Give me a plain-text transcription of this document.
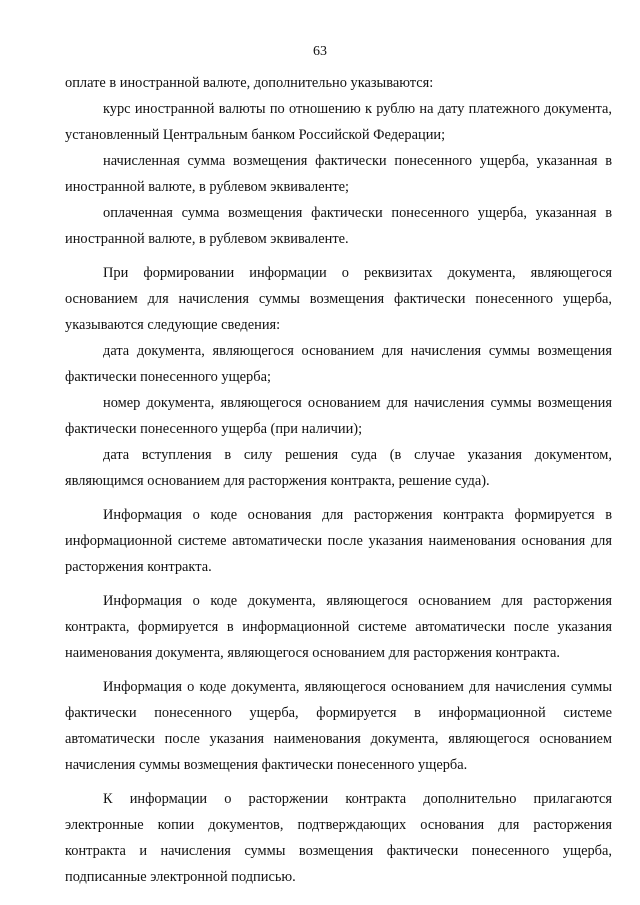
63

оплате в иностранной валюте, дополнительно указываются:

курс иностранной валюты по отношению к рублю на дату платежного документа, установленный Центральным банком Российской Федерации;

начисленная сумма возмещения фактически понесенного ущерба, указанная в иностранной валюте, в рублевом эквиваленте;

оплаченная сумма возмещения фактически понесенного ущерба, указанная в иностранной валюте, в рублевом эквиваленте.

При формировании информации о реквизитах документа, являющегося основанием для начисления суммы возмещения фактически понесенного ущерба, указываются следующие сведения:

дата документа, являющегося основанием для начисления суммы возмещения фактически понесенного ущерба;

номер документа, являющегося основанием для начисления суммы возмещения фактически понесенного ущерба (при наличии);

дата вступления в силу решения суда (в случае указания документом, являющимся основанием для расторжения контракта, решение суда).

Информация о коде основания для расторжения контракта формируется в информационной системе автоматически после указания наименования основания для расторжения контракта.

Информация о коде документа, являющегося основанием для расторжения контракта, формируется в информационной системе автоматически после указания наименования документа, являющегося основанием для расторжения контракта.

Информация о коде документа, являющегося основанием для начисления суммы фактически понесенного ущерба, формируется в информационной системе автоматически после указания наименования документа, являющегося основанием начисления суммы возмещения фактически понесенного ущерба.

К информации о расторжении контракта дополнительно прилагаются электронные копии документов, подтверждающих основания для расторжения контракта и начисления суммы возмещения фактически понесенного ущерба, подписанные электронной подписью.
